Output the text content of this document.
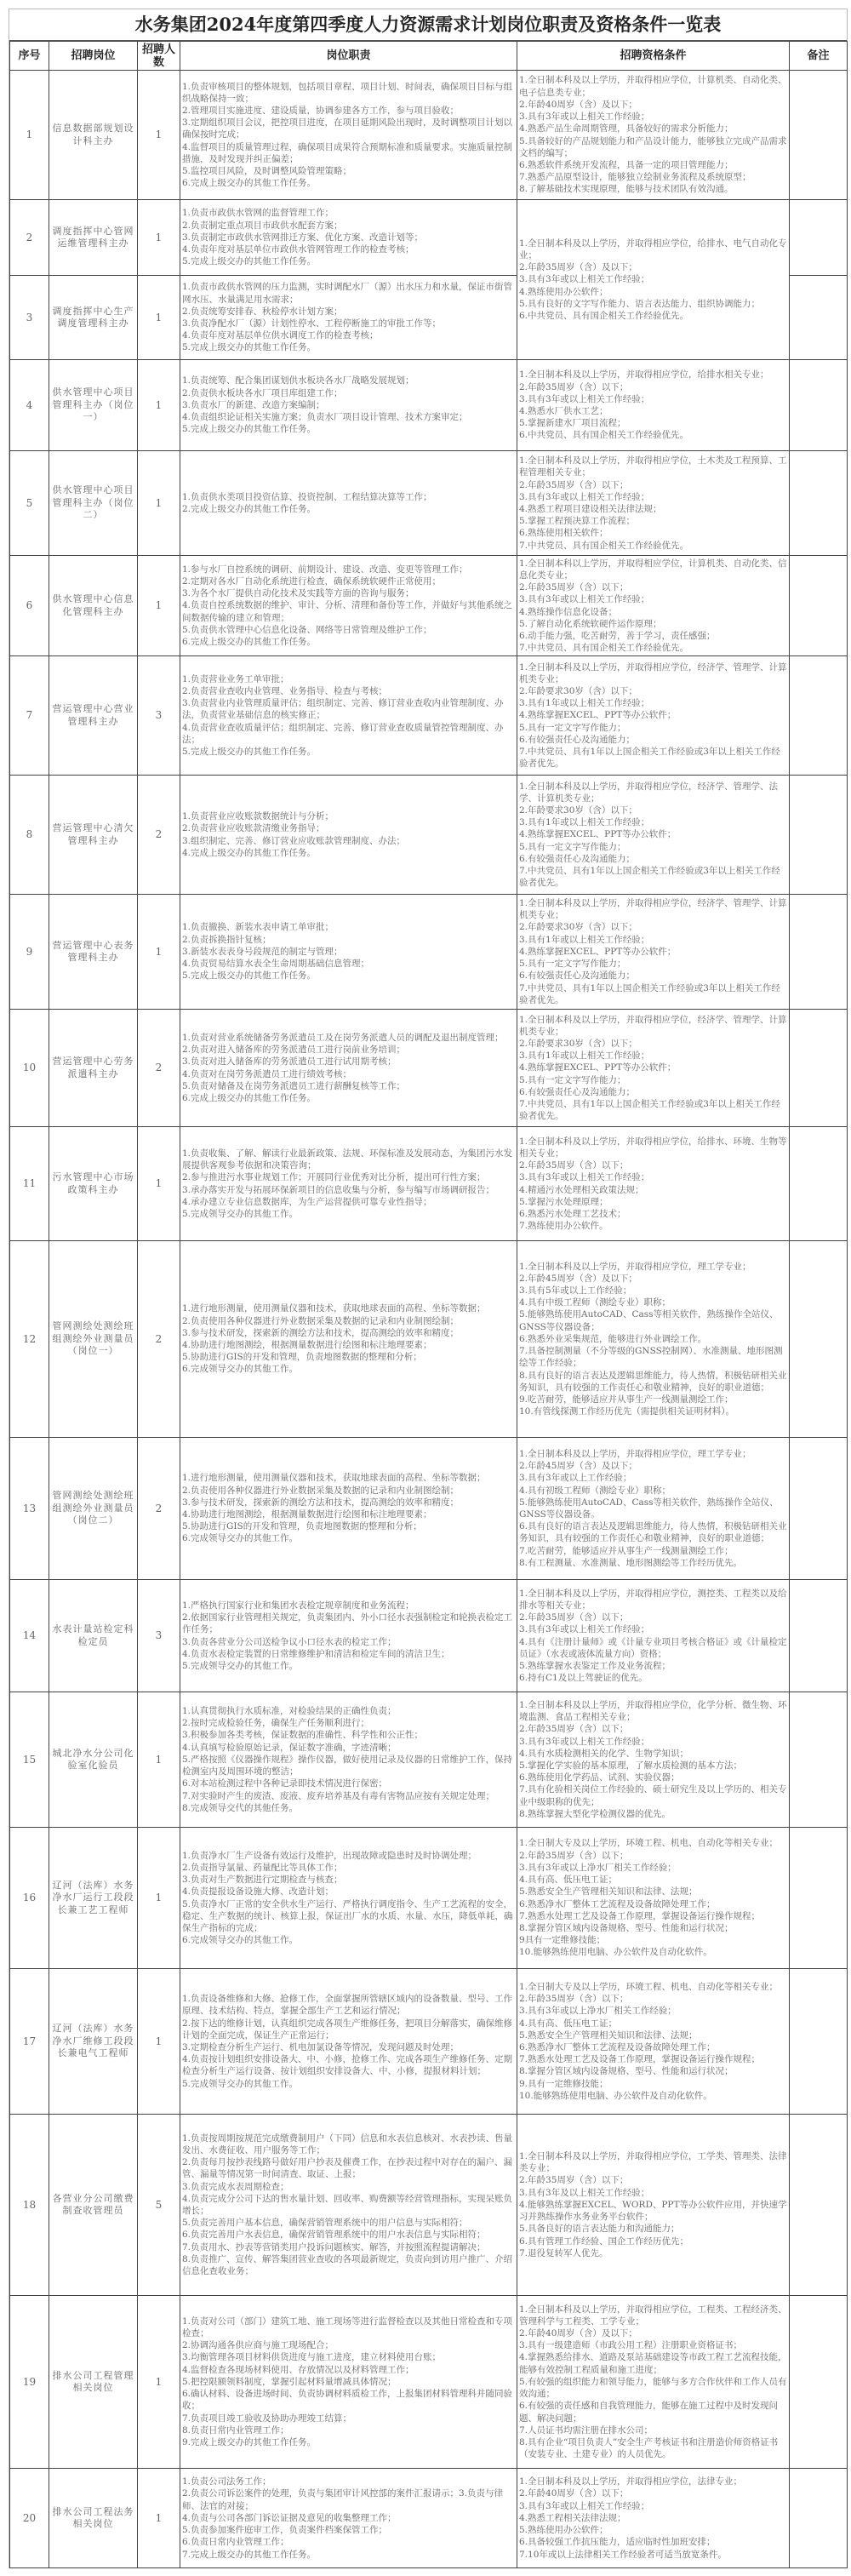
水务集团2024年度第四季度人力资源需求计划岗位职责及资格条件一览表
序号	招聘岗位	招聘人数	岗位职责	招聘资格条件	备注
1	信息数据部规划设计科主办	1	
1.负责审核项目的整体规划，包括项目章程、项目计划、时间表，确保项目目标与组织战略保持一致；
2.管理项目实施进度、建设质量，协调参建各方工作，参与项目验收；
3.定期组织项目会议，把控项目进度，在项目延期风险出现时，及时调整项目计划以确保按时完成；
4.监督项目的质量管理过程，确保项目成果符合预期标准和质量要求。实施质量控制措施，及时发现并纠正偏差；
5.监控项目风险，及时调整风险管理策略；
6.完成上级交办的其他工作任务。

1.全日制本科及以上学历，并取得相应学位，计算机类、自动化类、电子信息类专业；
2.年龄40周岁（含）及以下；
3.具有3年或以上相关工作经验；
4.熟悉产品生命周期管理，具备较好的需求分析能力；
5.具备较好的产品规划能力和产品设计能力，能够独立完成产品需求文档的编写；
6.熟悉软件系统开发流程，具备一定的项目管理能力；
7.熟悉产品原型设计，能够独立绘制业务流程及系统原型；
8.了解基础技术实现原理，能够与技术团队有效沟通。

2	调度指挥中心管网运维管理科主办	1	
1.负责市政供水管网的监督管理工作；
2.负责制定重点项目市政供水配套方案；
3.负责制定市政供水管网排迁方案、优化方案、改造计划等；
4.负责年度对基层单位市政供水管网管理工作的检查考核；
5.完成上级交办的其他工作任务。

1.全日制本科及以上学历，并取得相应学位，给排水、电气自动化专业；
2.年龄35周岁（含）及以下；
3.具有3年或以上相关工作经验；
4.熟练使用办公软件；
5.具有良好的文字写作能力、语言表达能力、组织协调能力；
6.中共党员、具有国企相关工作经验优先。

3	调度指挥中心生产调度管理科主办	1	1.负责市政供水管网的压力监测，实时调配水厂（源）出水压力和水量，保证市街管网水压、水量满足用水需求；
2.负责统筹安排春、秋检停水计划方案；
3.负责净配水厂（源）计划性停水、工程停断施工的审批工作等；
4.负责年度对基层单位供水调度工作的检查考核；
5.完成上级交办的其他工作任务。		

4	供水管理中心项目管理科主办（岗位一）	1	
1.负责统筹、配合集团谋划供水板块各水厂战略发展规划；
2.负责供水板块各水厂项目库组建工作；
3.负责水厂的新建、改造方案编制；
4.负责组织论证相关实施方案；负责水厂项目设计管理、技术方案审定；
5.完成上级交办的其他工作任务。

1.全日制本科及以上学历，并取得相应学位，给排水相关专业；
2.年龄35周岁（含）以下；
3.具有3年或以上相关工作经验；
4.熟悉水厂供水工艺；
5.掌握新建水厂项目流程；
6.中共党员、具有国企相关工作经验优先。

5	供水管理中心项目管理科主办（岗位二）	1	
1.负责供水类项目投资估算、投资控制、工程结算决算等工作；
2.完成上级交办的其他工作任务。

1.全日制本科及以上学历，并取得相应学位，土木类及工程预算、工程管理相关专业；
2.年龄35周岁（含）以下；
3.具有3年或以上相关工作经验；
4.熟悉工程项目建设相关法律法规；
5.掌握工程预决算工作流程；
6.熟练使用相关软件；
7.中共党员、具有国企相关工作经验优先。

6	供水管理中心信息化管理科主办	1	
1.参与水厂自控系统的调研、前期设计、建设、改造、变更等管理工作；
2.定期对各水厂自动化系统进行检查，确保系统软硬件正常使用；
3.为各个水厂提供自动化技术及实践等方面的咨询与服务；
4.负责自控系统数据的维护、审计、分析、清理和备份等工作，并做好与其他系统之间数据传输的建立和管理；
5.负责供水管理中心信息化设备、网络等日常管理及维护工作；
6.完成上级交办的其他工作任务。

1.全日制本科以上学历，并取得相应学位，计算机类、自动化类、信息化类专业；
2.年龄35周岁（含）以下；
3.具有3年或以上相关工作经验；
4.熟练操作信息化设备；
5.了解自动化系统软硬件运作原理；
6.动手能力强，吃苦耐劳，善于学习，责任感强；
7.中共党员、具有国企相关工作经验优先。

7	营运管理中心营业管理科主办	3	
1.负责营业业务工单审批；
2.负责营业查收内业管理、业务指导、检查与考核；
3.负责营业内业管理质量评估；组织制定、完善、修订营业查收内业管理制度、办法，负责营业基础信息的核实修正；
4.负责营业查收质量评估；组织制定、完善、修订营业查收质量管控管理制度、办法；
5.完成上级交办的其他工作任务。

1.全日制本科及以上学历，并取得相应学位，经济学、管理学、计算机类专业；
2.年龄要求30岁（含）以下；
3.具有1年或以上相关工作经验；
4.熟练掌握EXCEL、PPT等办公软件；
5.具有一定文字写作能力；
6.有较强责任心及沟通能力；
7.中共党员、具有1年以上国企相关工作经验或3年以上相关工作经验者优先。

8	营运管理中心清欠管理科主办	2	
1.负责营业应收账款数据统计与分析；
2.负责营业应收账款清缴业务指导；
3.组织制定、完善、修订营业应收账款管理制度、办法；
4.完成上级交办的其他工作任务。

1.全日制本科及以上学历，并取得相应学位，经济学、管理学、法学、计算机类专业；
2.年龄要求30岁（含）以下；
3.具有1年或以上相关工作经验；
4.熟练掌握EXCEL、PPT等办公软件；
5.具有一定文字写作能力；
6.有较强责任心及沟通能力；
7.中共党员、具有1年以上国企相关工作经验或3年以上相关工作经验者优先。

9	营运管理中心表务管理科主办	1	
1.负责撤换、新装水表申请工单审批；
2.负责拆换指针复核；
3.新装水表表身号段规范的制定与管理；
4.负责贸易结算水表全生命周期基础信息管理；
5.完成上级交办的其他工作任务。

1.全日制本科及以上学历，并取得相应学位，经济学、管理学、计算机类专业；
2.年龄要求30岁（含）以下；
3.具有1年或以上相关工作经验；
4.熟练掌握EXCEL、PPT等办公软件；
5.具有一定文字写作能力；
6.有较强责任心及沟通能力；
7.中共党员、具有1年以上国企相关工作经验或3年以上相关工作经验者优先。

10	营运管理中心劳务派遣科主办	2	
1.负责对营业系统储备劳务派遣员工及在岗劳务派遣人员的调配及退出制度管理；
2.负责对进入储备库的劳务派遣员工进行岗前业务培训；
3.负责对进入储备库的劳务派遣员工进行试用期考核；
4.负责对在岗劳务派遣员工进行绩效考核；
5.负责对储备及在岗劳务派遣员工进行薪酬复核等工作；
6.完成上级交办的其他工作任务。

1.全日制本科及以上学历，并取得相应学位，经济学、管理学、计算机类专业；
2.年龄要求30岁（含）以下；
3.具有1年或以上相关工作经验；
4.熟练掌握EXCEL、PPT等办公软件；
5.具有一定文字写作能力；
6.有较强责任心及沟通能力；
7.中共党员、具有1年以上国企相关工作经验或3年以上相关工作经验者优先。

11	污水管理中心市场政策科主办	1	
1.负责收集、了解、解读行业最新政策、法规、环保标准及发展动态，为集团污水发展提供客观参考依据和决策咨询；
2.参与推进污水事业规划工作；开展同行业优秀对比分析，提出可行性方案；
3.承办落实开发与拓展环保新项目的信息收集与分析，参与编写市场调研报告；
4.承办建立专业信息数据库，为生产运营提供可靠专业性指导；
5.完成领导交办的其他工作。

1.全日制本科及以上学历，并取得相应学位，给排水、环境、生物等相关专业；
2.年龄35周岁（含）以下；
3.具有3年或以上相关工作经验；
4.精通污水处理相关政策法规；
5.掌握污水处理原理；
6.熟悉污水处理工艺技术；
7.熟练使用办公软件。

12	管网测绘处测绘班组测绘外业测量员（岗位一）	2	
1.进行地形测量，使用测量仪器和技术，获取地球表面的高程、坐标等数据；
2.负责使用各种仪器进行外业数据采集及数据的记录和内业制图绘制；
3.参与技术研发，探索新的测绘方法和技术，提高测绘的效率和精度；
4.协助进行地图测绘，根据测量数据进行绘图和标注地理要素；
5.协助进行GIS的开发和管理，负责地图数据的整理和分析；
6.完成领导交办的其他工作。

1.全日制本科及以上学历，并取得相应学位，理工学专业；
2.年龄45周岁（含）及以下；
3.具有5年或以上工作经验；
4.具有中级工程师（测绘专业）职称；
5.能够熟练使用AutoCAD、Cass等相关软件，熟练操作全站仪、GNSS等仪器设备；
6.熟悉外业采集规范，能够进行外业调绘工作。
7.具备控制测量（不分等级的GNSS控制网）、水准测量、地形图测绘等工作经验；
8.具有良好的语言表达及逻辑思维能力，待人热情，积极钻研相关业务知识，具有较强的工作责任心和敬业精神，良好的职业道德；
9.吃苦耐劳，能够适应并从事生产一线测量测绘工作；
10.有管线探测工作经历优先（需提供相关证明材料）。

13	管网测绘处测绘班组测绘外业测量员（岗位二）	2	
1.进行地形测量，使用测量仪器和技术，获取地球表面的高程、坐标等数据；
2.负责使用各种仪器进行外业数据采集及数据的记录和内业制图绘制；
3.参与技术研发，探索新的测绘方法和技术，提高测绘的效率和精度；
4.协助进行地图测绘，根据测量数据进行绘图和标注地理要素；
5.协助进行GIS的开发和管理，负责地图数据的整理和分析；
6.完成领导交办的其他工作。

1.全日制本科及以上学历，并取得相应学位，理工学专业；
2.年龄45周岁（含）及以下；
3.具有3年或以上工作经验；
4.具有初级工程师（测绘专业）职称；
5.能够熟练使用AutoCAD、Cass等相关软件，熟练操作全站仪、GNSS等仪器设备。
6.具有良好的语言表达及逻辑思维能力，待人热情，积极钻研相关业务知识，具有较强的工作责任心和敬业精神，良好的职业道德；
7.吃苦耐劳，能够适应并从事生产一线测量测绘工作；
8.有工程测量、水准测量、地形图测绘等工作经历优先。

14	水表计量站检定科检定员	3	
1.严格执行国家行业和集团水表检定规章制度和业务流程；
2.依据国家行业管理相关规定，负责集团内、外小口径水表强制检定和轮换表检定工作任务；
3.负责各营业分公司送检争议小口径水表的检定工作；
4.负责水表检定装置的日常维修维护和清洁和检定车间的清洁卫生；
5.完成领导交办的其他工作。

1.全日制本科及以上学历，并取得相应学位，测控类、工程类以及给排水等相关专业；
2.年龄35周岁（含）以下；
3.具有3年或以上相关工作经验；
4.具有《注册计量师》或《计量专业项目考核合格证》或《计量检定员证》（水表或液体流量方向）资格；
5.熟练掌握水表鉴定工作及业务流程；
6.持有C1及以上驾驶证的优先。

15	城北净水分公司化验室化验员	1	
1.认真贯彻执行水质标准，对检验结果的正确性负责；
2.按时完成检验任务，确保生产任务顺利进行；
3.积极参加各类考核，保证数据的准确性、科学性和公正性；
4.认真填写检验原始记录，保证数字准确，字迹清晰；
5.严格按照《仪器操作规程》操作仪器，做好使用记录及仪器的日常维护工作，保持检测室内及周围环境的整洁；
6.对本站检测过程中各种记录即技术情况进行保密；
7.对实验时产生的废渣、废液、废弃培养基及有毒有害物品应按有关规定处理；
8.完成领导交代的其他任务。

1.全日制本科及以上学历，并取得相应学位，化学分析、微生物、环境监测、食品工程相关专业；
2.年龄35周岁（含）以下；
3.具有3年或以上相关工作经验；
4.具有水质检测相关的化学、生物学知识；
5.掌握化学实验的基本原理，了解水质检测的基本方法；
6.熟练使用化学药品、试剂、实验仪器；
7.具有化验相关岗位工作经验的、硕士研究生及以上学历的、相关专业中级职称的优先；
8.熟练掌握大型化学检测仪器的优先。

16	辽河（法库）水务净水厂运行工段段长兼工艺工程师	1	
1.负责净水厂生产设备有效运行及维护，出现故障或隐患时及时协调处理；
2.负责指导氯量、药量配比等具体工作；
3.负责对生产数据进行定期检查与核查；
4.负责提报设备设施大修、改造计划；
5.负责净水厂正常的安全供水生产运行、严格执行调度指令、生产工艺流程的安全，稳定、生产数据的统计、核算上报，保证出厂水的水质、水量、水压，降低单耗，确保生产指标的完成；
6.完成领导交办的其他工作。

1.全日制大专及以上学历，环境工程、机电、自动化等相关专业；
2.年龄35周岁（含）以下；
3.具有3年或以上净水厂相关工作经验；
4.具有高、低压电工证；
5.熟悉安全生产管理相关知识和法律、法规；
6.熟悉净水厂整体工艺流程及设备故障处理工作；
7.熟悉水处理工艺及设备工作原理，掌握设备运行操作规程；
8.掌握分管区域内设备规格、型号、性能和运行状况；
9具有一定维修技能；
10.能够熟练使用电脑、办公软件及自动化软件。

17	辽河（法库）水务净水厂维修工段段长兼电气工程师	1	
1.负责设备维修和大修、抢修工作，全面掌握所管辖区域内的设备数量、型号、工作原理、技术结构、特点，掌握全部生产工艺和运行情况；
2.按下达的维修计划，认真组织完成各项生产维修任务，把项目分解落实，确保维修计划的全面完成，保证生产正常运行；
3.定期检查分析生产运行、机电加氯设备等情况，发现问题及时处理；
4.负责按计划组织安排设备大、中、小修，抢修工作、完成各项生产维修任务、定期检查分析生产运行设备、按计划组织安排设备大、中、小修，提报材料计划；
5.完成领导交办的其他工作。

1.全日制大专及以上学历，环境工程、机电、自动化等相关专业；
2.年龄35周岁（含）以下；
3.具有3年或以上净水厂相关工作经验；
4.具有高、低压电工证；
5.熟悉安全生产管理相关知识和法律、法规；
6.熟悉净水厂整体工艺流程及设备故障处理工作；
7.熟悉水处理工艺及设备工作原理，掌握设备运行操作规程；
8.掌握分管区域内设备规格、型号、性能和运行状况；
9.具有一定维修技能；
10.能够熟练使用电脑、办公软件及自动化软件。

18	各营业分公司缴费制查收管理员	5	
1.负责按周期按规范完成缴费制用户（下同）信息和水表信息核对、水表抄读、售量发出、水费征收、用户服务等工作；
2.负责每月按抄表线路号做好用户抄表及催费工作，在抄表过程中对存在的漏户、漏管、漏量等情况第一时间清查、取证、上报；
3.负责完成水表周期检查；
4.负责完成分公司下达的售水量计划、回收率、购费额等经营管理指标，实现呆账负增长；
5.负责完善用户基本信息，确保营销管理系统中的用户信息与实际相符；
6.负责完善用户水表信息，确保营销管理系统中的用户水表信息与实际相符；
7.负责用水、抄表等营销类用户投诉问题核实、解答，并按照流程提请解决；
8.负责推广、宣传、解答集团营业查收的各项最新规定，负责向到访用户推广、介绍信息化查收业务；

1.全日制本科及以上学历，并取得相应学位，工学类、管理类、法律类专业；
2.年龄35周岁（含）以下；
3.具有3年及以上相关工作经验；
4.能够熟练掌握EXCEL、WORD、PPT等办公软件应用，并快速学习并熟练操作水务业务平台软件；
5.具备良好的语言表达能力和沟通能力；
6.具有管理工作经验、国企工作经历优先；
7.退役复转军人优先。

19	排水公司工程管理相关岗位	1	
1.负责对公司（部门）建筑工地、施工现场等进行监督检查以及其他日常检查和专项检查；
2.协调沟通各供应商与施工现场配合；
3.均衡管理各项目材料供货进度与施工进度，建立材料使用台账；
4.监督检查各现场材料使用、存放情况以及材料管理工作；
5.把控限额领料制度，掌握引起材料量增减具体情况；
6.确认材料、设备进场时间、负责协调材料质检工作，上报集团材料管理科并随同验收；
7.负责项目竣工验收及协助办理竣工结算；
8.负责日常内业管理工作；
9.完成上级交办的其他工作任务。

1.全日制本科及以上学历，并取得相应学位，工程类、工程经济类、管理科学与工程类、工学专业；
2.年龄40周岁（含）及以下；
3.具有一级建造师（市政公用工程）注册职业资格证书；
4.掌握熟悉给排水、道路及泵站基础建设等市政工程工艺流程技能，能够有效控制工程质量和施工进度；
5.有较强的组织能力和领导能力，能够与多方合作伙伴和工作人员有效沟通；
6.有较强的责任感和自我管理能力，能够在施工过程中及时发现问题、解决问题；
7.人员证书均需注册在排水公司；
8.具有企业“项目负责人”安全生产考核证书和注册造价师资格证书（安装专业、土建专业）的人员优先。

20	排水公司工程法务相关岗位	1	
1.负责公司法务工作；
2.负责公司诉讼案件的处理，负责与集团审计风控部的案件汇报请示；3.负责与律师、法官的对接；
4.负责与公司各部门诉讼证据及意见的收集整理工作；
5.负责参加案件庭审工作，负责案件档案保管工作；
6.负责日常内业管理工作；
7.完成上级交办的其他工作任务。

1.全日制本科及以上学历，并取得相应学位，法律专业；
2.年龄40周岁（含）以下；
3.具有3年或以上相关工作经验；
4.熟悉工程相关法律法规；
5.熟练使用办公软件；
6.具备较强工作抗压能力，适应临时性加班安排；
7.10年或以上法律相关工作经验者可适当放宽条件。
